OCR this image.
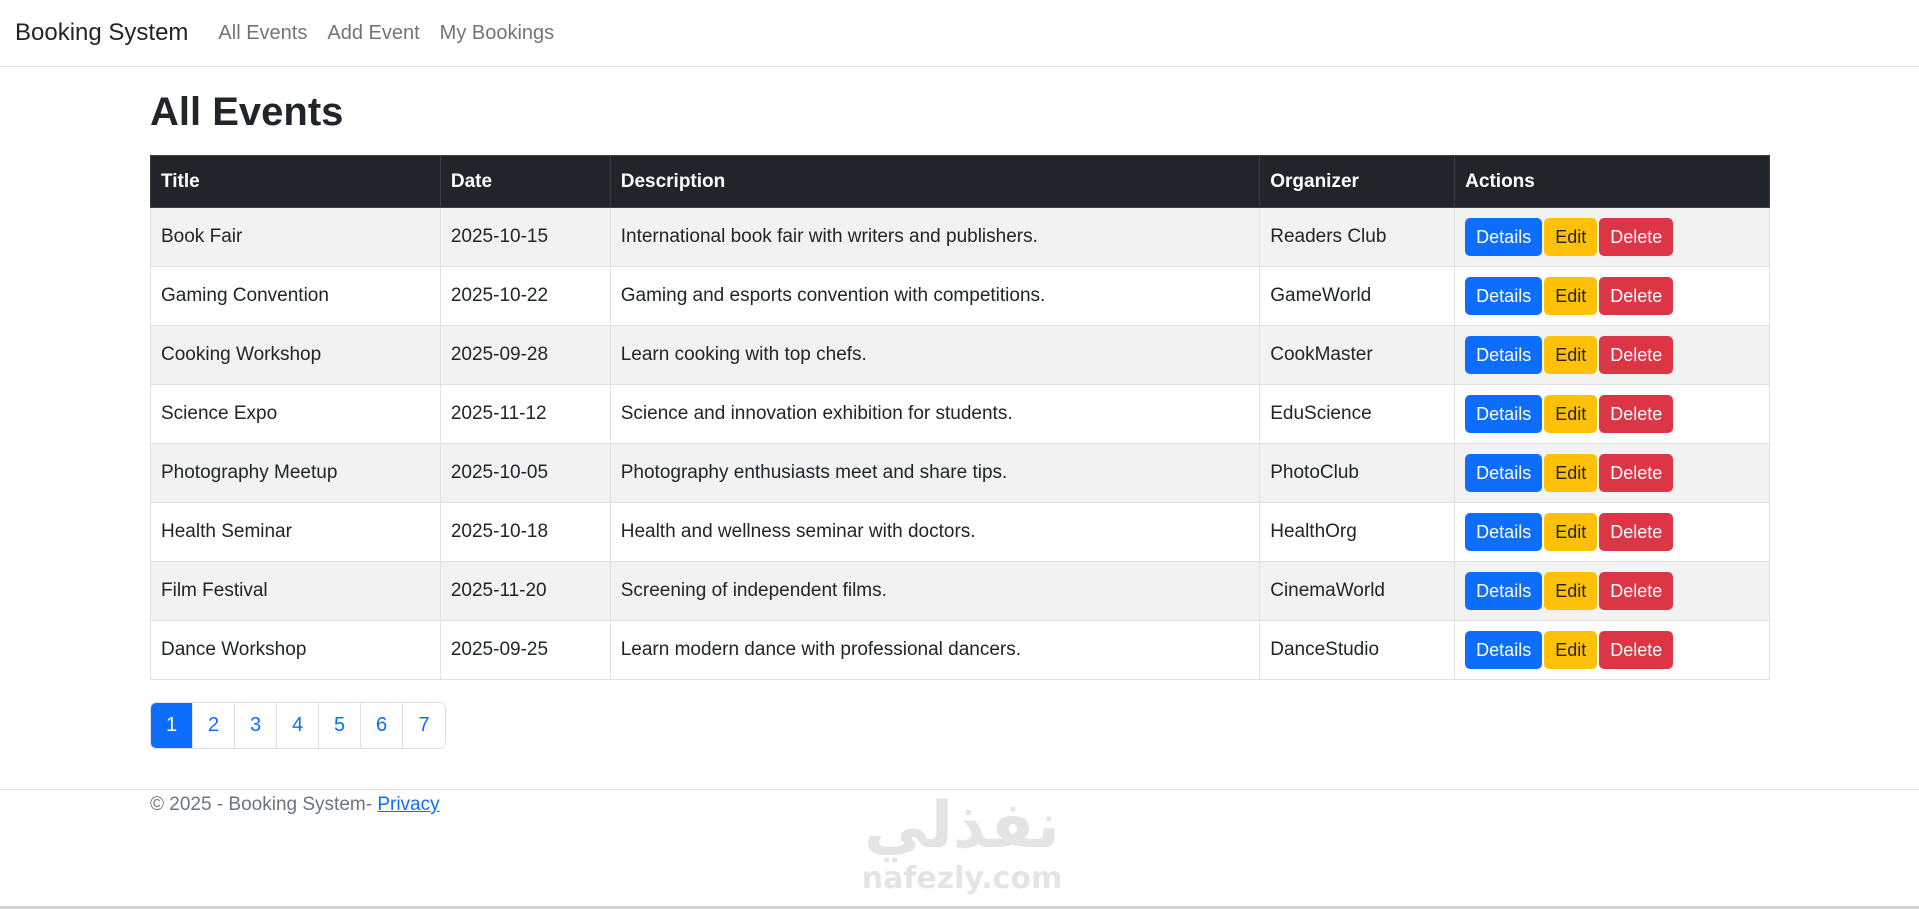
Booking System All Events Add Event My Bookings
All Events
Title	Date	Description	Organizer	Actions
Book Fair	2025-10-15	International book fair with writers and publishers.	Readers Club	Details Edit Delete
Gaming Convention	2025-10-22	Gaming and esports convention with competitions.	GameWorld	Details Edit Delete
Cooking Workshop	2025-09-28	Learn cooking with top chefs.	CookMaster	Details Edit Delete
Science Expo	2025-11-12	Science and innovation exhibition for students.	EduScience	Details Edit Delete
Photography Meetup	2025-10-05	Photography enthusiasts meet and share tips.	PhotoClub	Details Edit Delete
Health Seminar	2025-10-18	Health and wellness seminar with doctors.	HealthOrg	Details Edit Delete
Film Festival	2025-11-20	Screening of independent films.	CinemaWorld	Details Edit Delete
Dance Workshop	2025-09-25	Learn modern dance with professional dancers.	DanceStudio	Details Edit Delete
1	2	3	4	5	6	7
© 2025 - Booking System- Privacy	نفذلي
nafezly.com
